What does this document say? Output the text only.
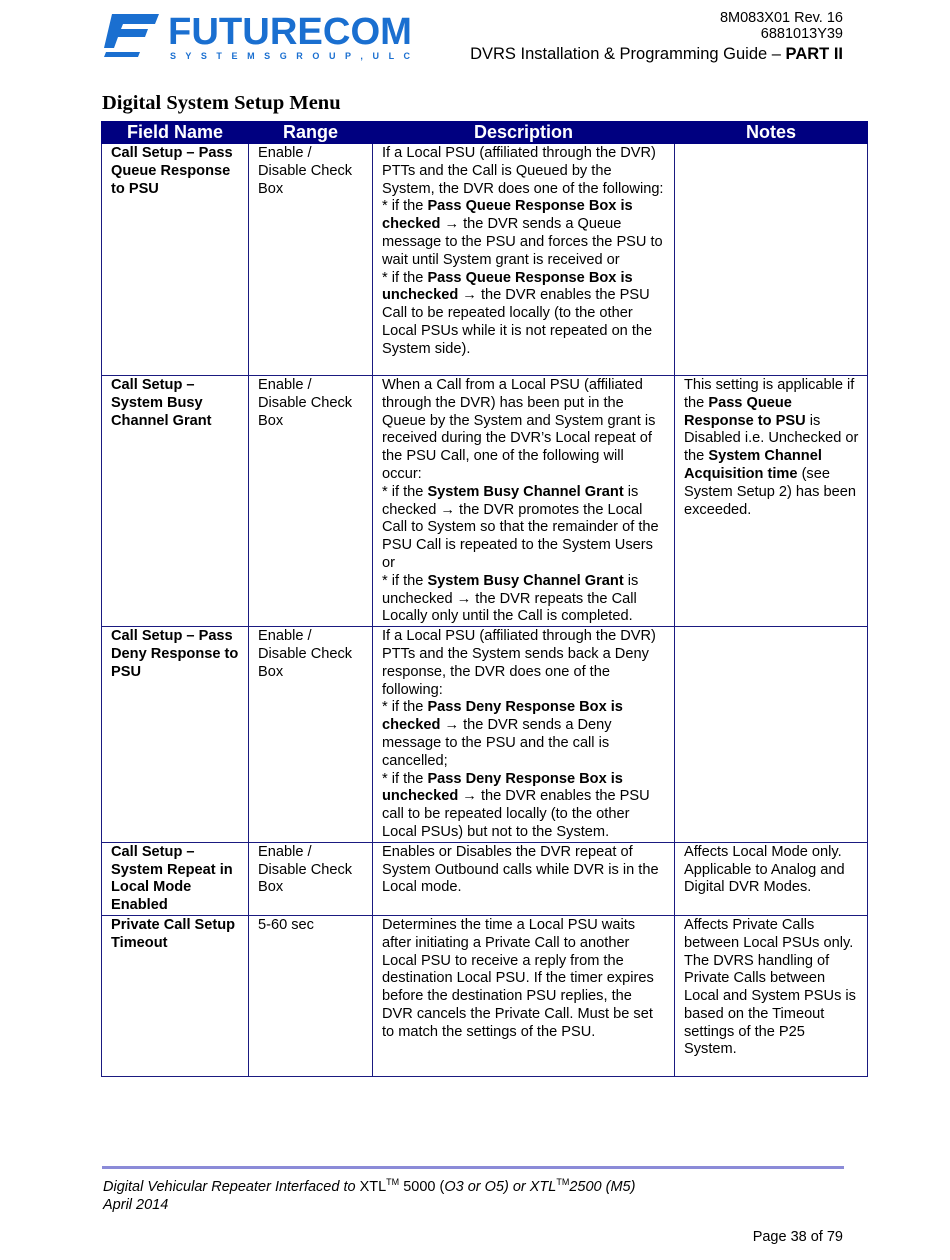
FUTURECOM
S Y S T E M S G R O U P , U L C
8M083X01 Rev. 16
6881013Y39
DVRS Installation & Programming Guide – PART II
Digital System Setup Menu
Field Name	Range	Description	Notes
Call Setup – Pass Queue Response to PSU	Enable / Disable Check Box	If a Local PSU (affiliated through the DVR) PTTs and the Call is Queued by the System, the DVR does one of the following:
* if the Pass Queue Response Box is checked → the DVR sends a Queue message to the PSU and forces the PSU to wait until System grant is received or
* if the Pass Queue Response Box is unchecked → the DVR enables the PSU Call to be repeated locally (to the other Local PSUs while it is not repeated on the System side).	

Call Setup – System Busy Channel Grant	Enable / Disable Check Box	When a Call from a Local PSU (affiliated through the DVR) has been put in the Queue by the System and System grant is received during the DVR’s Local repeat of the PSU Call, one of the following will occur:
* if the System Busy Channel Grant is checked → the DVR promotes the Local Call to System so that the remainder of the PSU Call is repeated to the System Users or
* if the System Busy Channel Grant is unchecked → the DVR repeats the Call Locally only until the Call is completed.	This setting is applicable if the Pass Queue Response to PSU is Disabled i.e. Unchecked or the System Channel Acquisition time (see System Setup 2) has been exceeded.

Call Setup – Pass Deny Response to PSU	Enable / Disable Check Box	If a Local PSU (affiliated through the DVR) PTTs and the System sends back a Deny response, the DVR does one of the following:
* if the Pass Deny Response Box is checked → the DVR sends a Deny message to the PSU and the call is cancelled;
* if the Pass Deny Response Box is unchecked → the DVR enables the PSU call to be repeated locally (to the other Local PSUs) but not to the System.	

Call Setup – System Repeat in Local Mode Enabled	Enable / Disable Check Box	Enables or Disables the DVR repeat of System Outbound calls while DVR is in the Local mode.	Affects Local Mode only. Applicable to Analog and Digital DVR Modes.

Private Call Setup Timeout	5-60 sec	Determines the time a Local PSU waits after initiating a Private Call to another Local PSU to receive a reply from the destination Local PSU. If the timer expires before the destination PSU replies, the DVR cancels the Private Call. Must be set to match the settings of the PSU.	Affects Private Calls between Local PSUs only.
The DVRS handling of Private Calls between Local and System PSUs is based on the Timeout settings of the P25 System.
Digital Vehicular Repeater Interfaced to XTL™ 5000 (O3 or O5) or XTL™2500 (M5)
April 2014
Page 38 of 79
